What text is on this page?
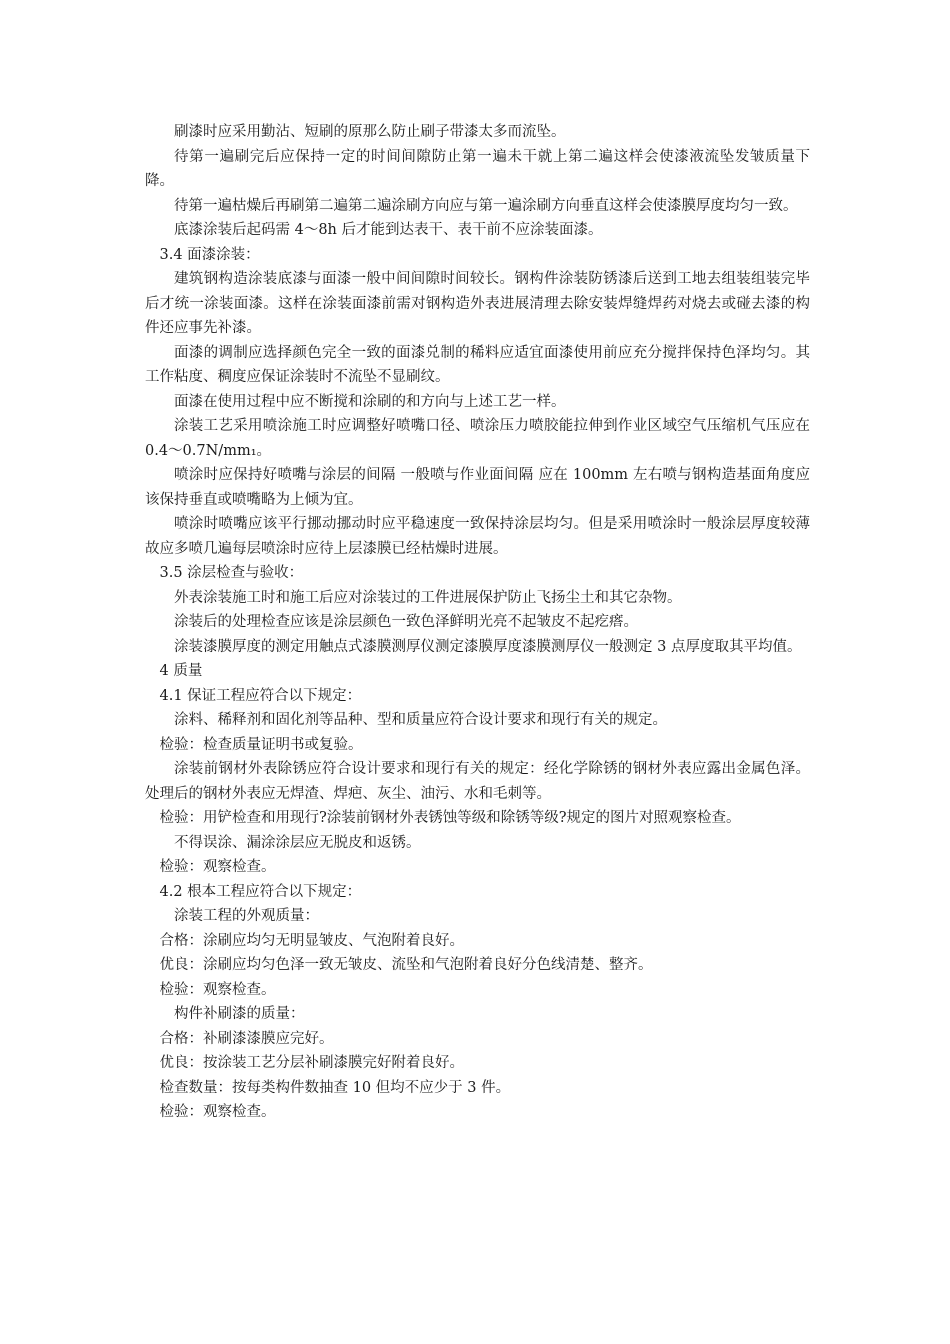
刷漆时应采用勤沾、短刷的原那么防止刷子带漆太多而流坠。

待第一遍刷完后应保持一定的时间间隙防止第一遍未干就上第二遍这样会使漆液流坠发皱质量下降。

待第一遍枯燥后再刷第二遍第二遍涂刷方向应与第一遍涂刷方向垂直这样会使漆膜厚度均匀一致。

底漆涂装后起码需 4～8h 后才能到达表干、表干前不应涂装面漆。

3.4 面漆涂装：

建筑钢构造涂装底漆与面漆一般中间间隙时间较长。钢构件涂装防锈漆后送到工地去组装组装完毕后才统一涂装面漆。这样在涂装面漆前需对钢构造外表进展清理去除安装焊缝焊药对烧去或碰去漆的构件还应事先补漆。

面漆的调制应选择颜色完全一致的面漆兑制的稀料应适宜面漆使用前应充分搅拌保持色泽均匀。其工作粘度、稠度应保证涂装时不流坠不显刷纹。

面漆在使用过程中应不断搅和涂刷的和方向与上述工艺一样。

涂装工艺采用喷涂施工时应调整好喷嘴口径、喷涂压力喷胶能拉伸到作业区域空气压缩机气压应在 0.4～0.7N/mm₁。

喷涂时应保持好喷嘴与涂层的间隔 一般喷与作业面间隔 应在 100mm 左右喷与钢构造基面角度应该保持垂直或喷嘴略为上倾为宜。

喷涂时喷嘴应该平行挪动挪动时应平稳速度一致保持涂层均匀。但是采用喷涂时一般涂层厚度较薄故应多喷几遍每层喷涂时应待上层漆膜已经枯燥时进展。

3.5 涂层检查与验收：

外表涂装施工时和施工后应对涂装过的工件进展保护防止飞扬尘土和其它杂物。

涂装后的处理检查应该是涂层颜色一致色泽鲜明光亮不起皱皮不起疙瘩。

涂装漆膜厚度的测定用触点式漆膜测厚仪测定漆膜厚度漆膜测厚仪一般测定 3 点厚度取其平均值。

4 质量

4.1 保证工程应符合以下规定：

涂料、稀释剂和固化剂等品种、型和质量应符合设计要求和现行有关的规定。

检验：检查质量证明书或复验。

涂装前钢材外表除锈应符合设计要求和现行有关的规定：经化学除锈的钢材外表应露出金属色泽。处理后的钢材外表应无焊渣、焊疤、灰尘、油污、水和毛刺等。

检验：用铲检查和用现行?涂装前钢材外表锈蚀等级和除锈等级?规定的图片对照观察检查。

不得误涂、漏涂涂层应无脱皮和返锈。

检验：观察检查。

4.2 根本工程应符合以下规定：

涂装工程的外观质量：

合格：涂刷应均匀无明显皱皮、气泡附着良好。

优良：涂刷应均匀色泽一致无皱皮、流坠和气泡附着良好分色线清楚、整齐。

检验：观察检查。

构件补刷漆的质量：

合格：补刷漆漆膜应完好。

优良：按涂装工艺分层补刷漆膜完好附着良好。

检查数量：按每类构件数抽查 10 但均不应少于 3 件。

检验：观察检查。
